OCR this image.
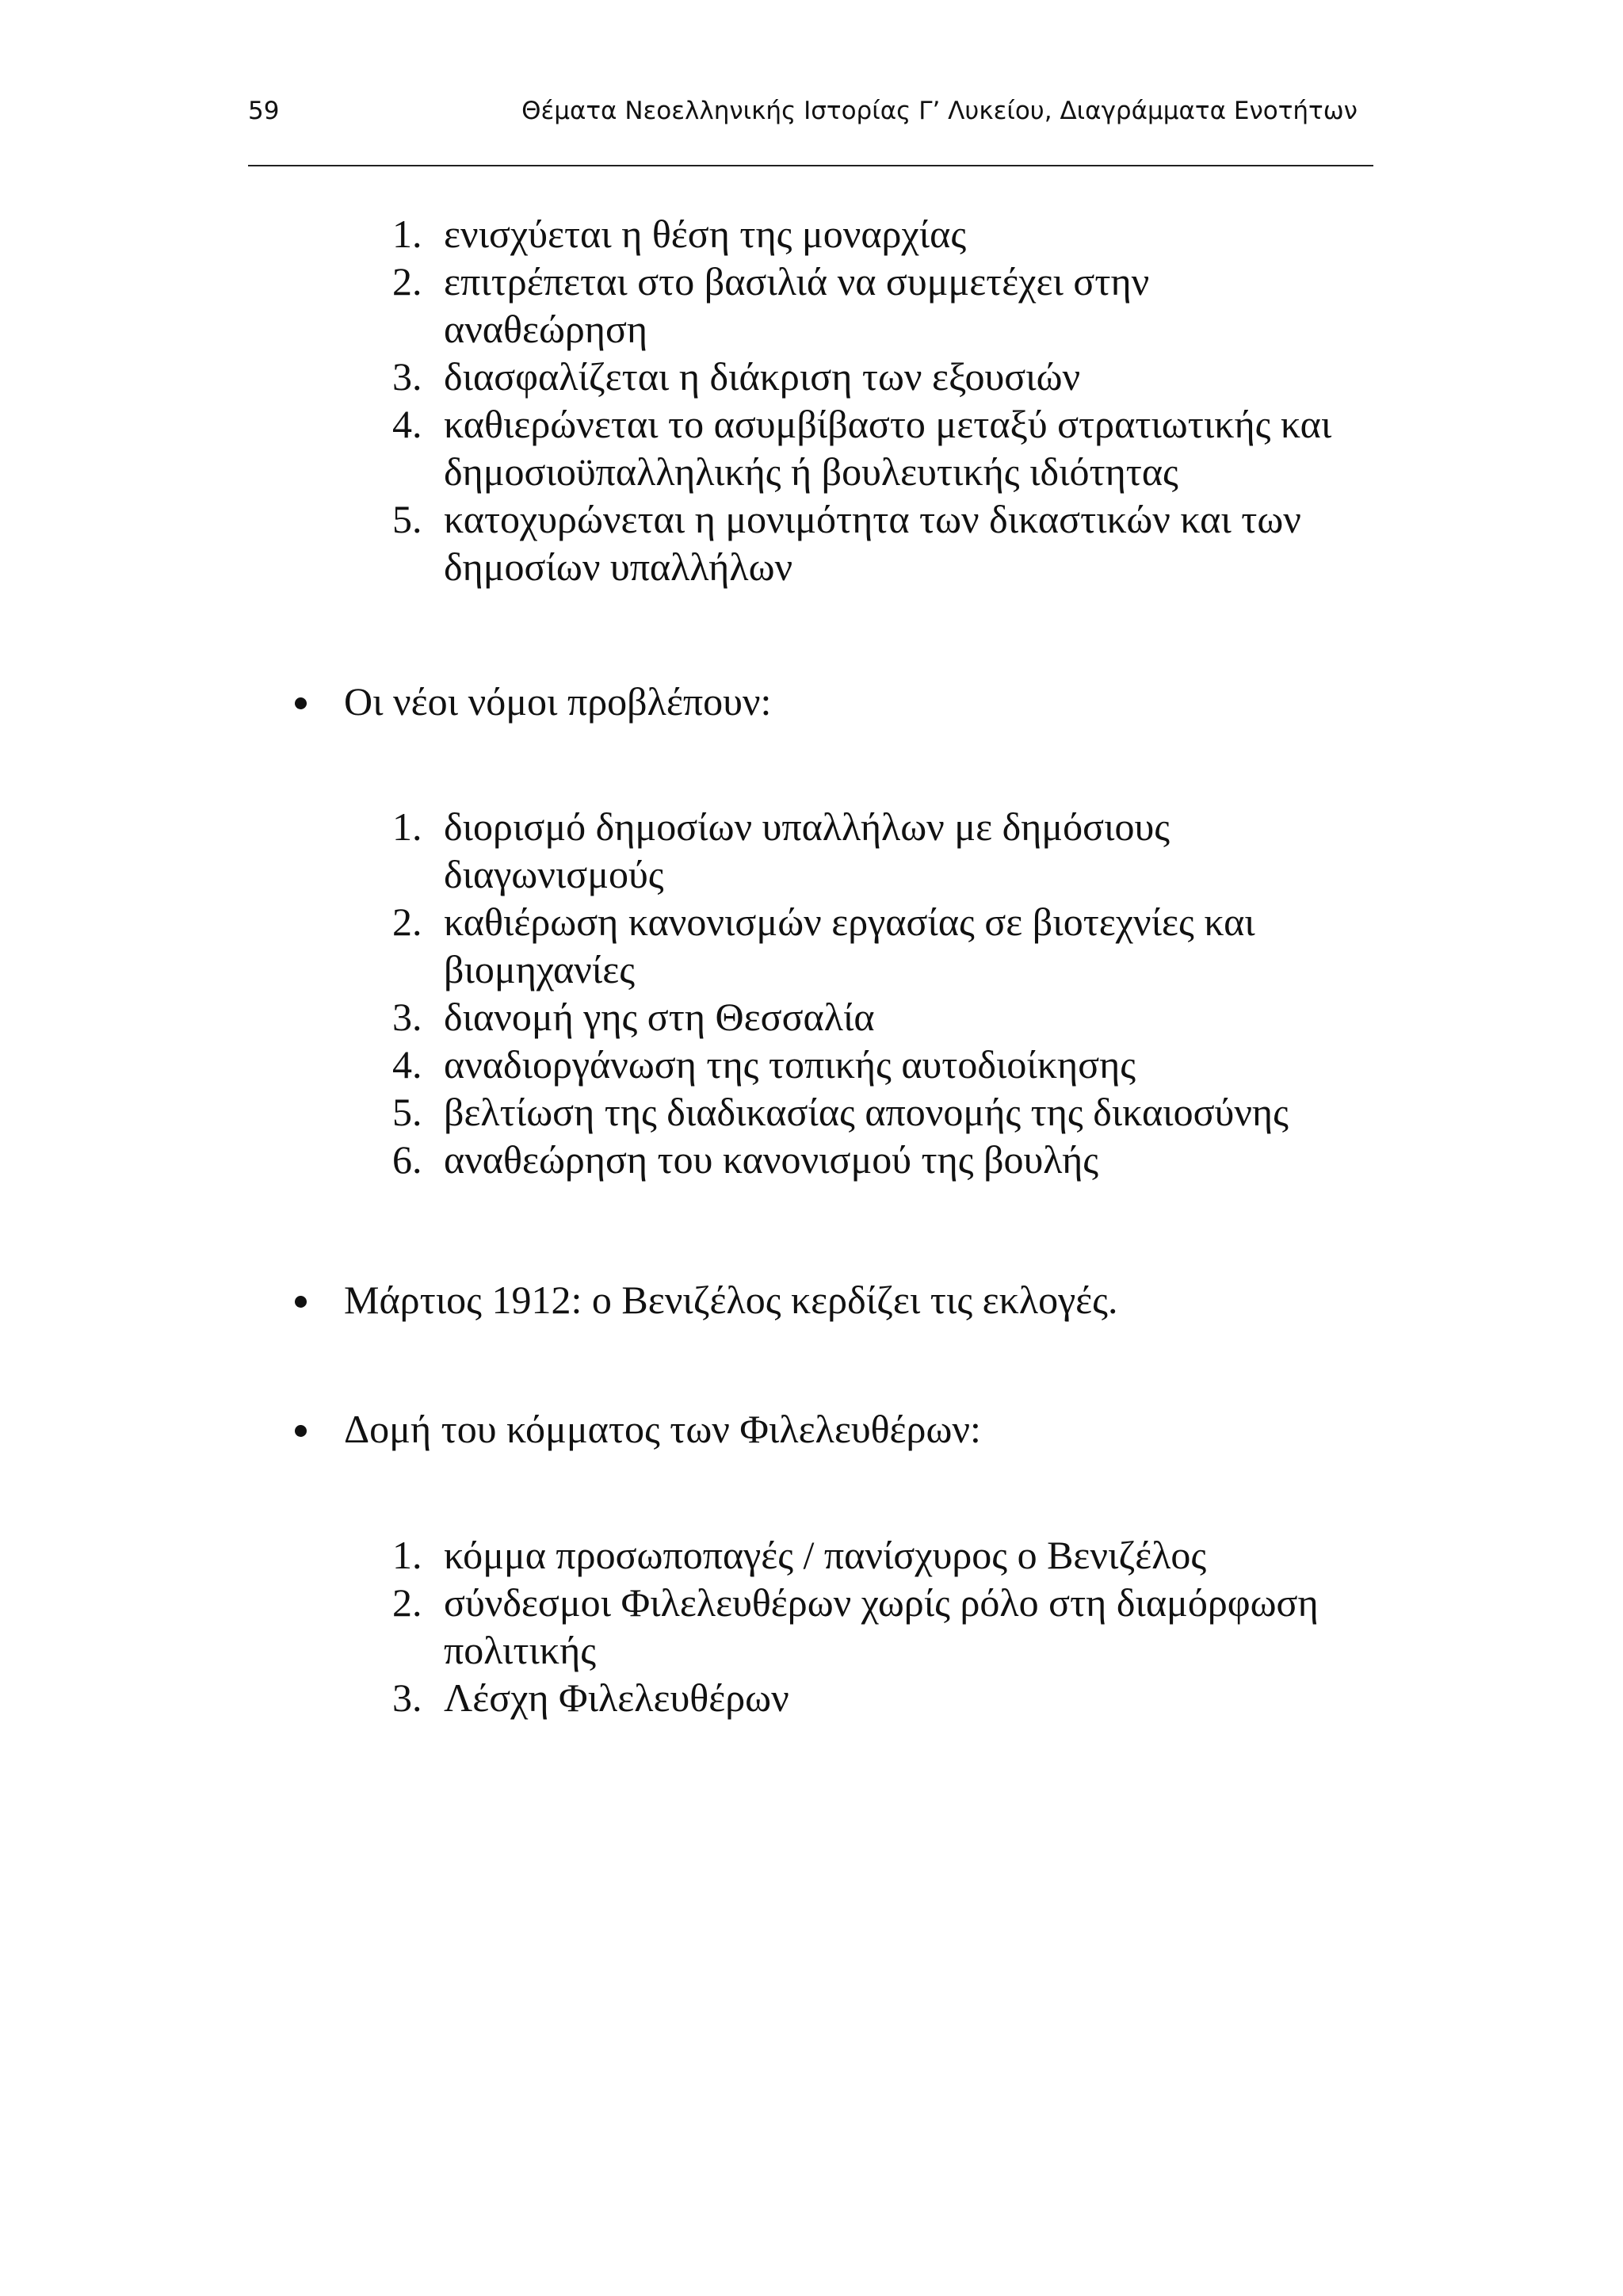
59	Θέματα Νεοελληνικής Ιστορίας Γ’ Λυκείου, Διαγράμματα Ενοτήτων
1. ενισχύεται η θέση της μοναρχίας
2. επιτρέπεται στο βασιλιά να συμμετέχει στην αναθεώρηση
3. διασφαλίζεται η διάκριση των εξουσιών
4. καθιερώνεται το ασυμβίβαστο μεταξύ στρατιωτικής και δημοσιοϋπαλληλικής ή βουλευτικής ιδιότητας
5. κατοχυρώνεται η μονιμότητα των δικαστικών και των δημοσίων υπαλλήλων
Οι νέοι νόμοι προβλέπουν:
1. διορισμό δημοσίων υπαλλήλων με δημόσιους διαγωνισμούς
2. καθιέρωση κανονισμών εργασίας σε βιοτεχνίες και βιομηχανίες
3. διανομή γης στη Θεσσαλία
4. αναδιοργάνωση της τοπικής αυτοδιοίκησης
5. βελτίωση της διαδικασίας απονομής της δικαιοσύνης
6. αναθεώρηση του κανονισμού της βουλής
Μάρτιος 1912: ο Βενιζέλος κερδίζει τις εκλογές.
Δομή του κόμματος των Φιλελευθέρων:
1. κόμμα προσωποπαγές / πανίσχυρος ο Βενιζέλος
2. σύνδεσμοι Φιλελευθέρων χωρίς ρόλο στη διαμόρφωση πολιτικής
3. Λέσχη Φιλελευθέρων
